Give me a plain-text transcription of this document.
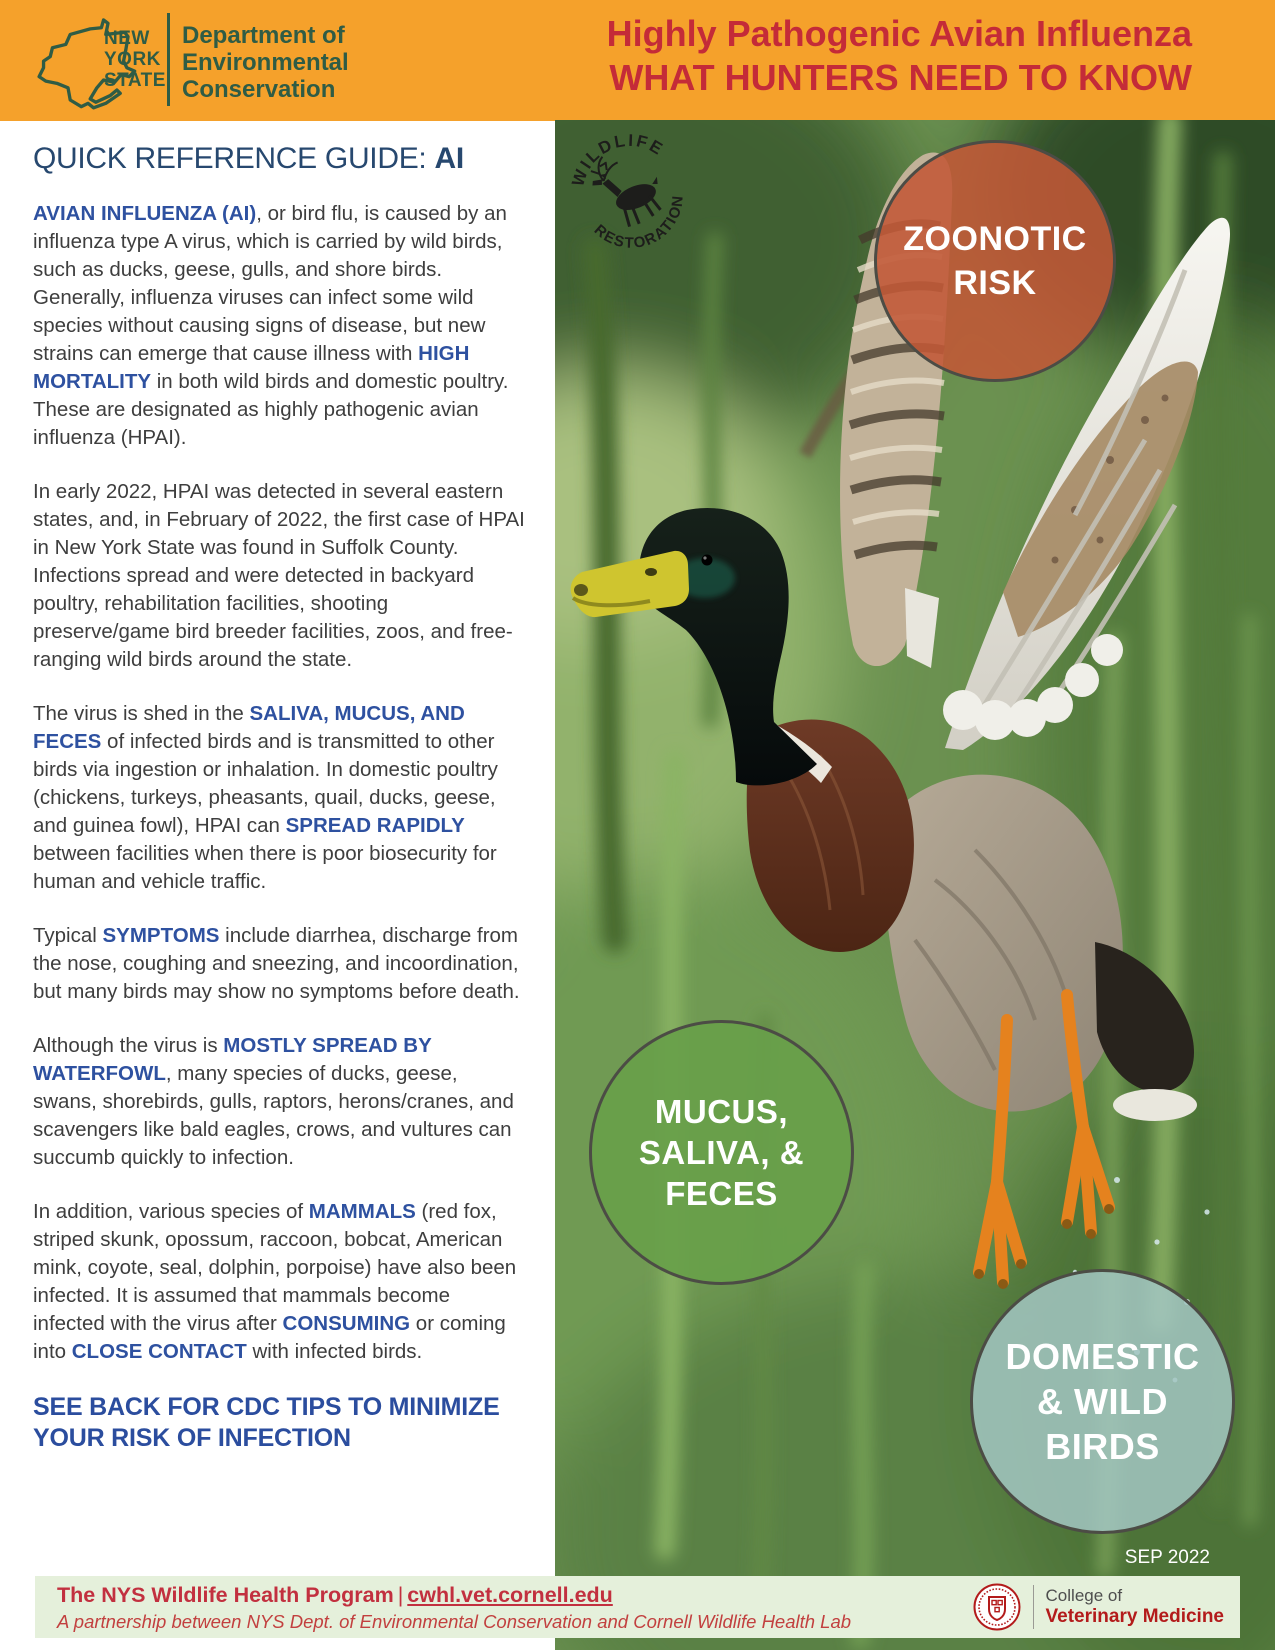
NEW
YORK
STATE
Department of
Environmental
Conservation
Highly Pathogenic Avian Influenza
WHAT HUNTERS NEED TO KNOW
QUICK REFERENCE GUIDE: AI

AVIAN INFLUENZA (AI), or bird flu, is caused by an influenza type A virus, which is carried by wild birds, such as ducks, geese, gulls, and shore birds. Generally, influenza viruses can infect some wild species without causing signs of disease, but new strains can emerge that cause illness with HIGH MORTALITY in both wild birds and domestic poultry. These are designated as highly pathogenic avian influenza (HPAI).

In early 2022, HPAI was detected in several eastern states, and, in February of 2022, the first case of HPAI in New York State was found in Suffolk County. Infections spread and were detected in backyard poultry, rehabilitation facilities, shooting preserve/game bird breeder facilities, zoos, and free-ranging wild birds around the state.

The virus is shed in the SALIVA, MUCUS, AND FECES of infected birds and is transmitted to other birds via ingestion or inhalation. In domestic poultry (chickens, turkeys, pheasants, quail, ducks, geese, and guinea fowl), HPAI can SPREAD RAPIDLY between facilities when there is poor biosecurity for human and vehicle traffic.

Typical SYMPTOMS include diarrhea, discharge from the nose, coughing and sneezing, and incoordination, but many birds may show no symptoms before death.

Although the virus is MOSTLY SPREAD BY WATERFOWL, many species of ducks, geese, swans, shorebirds, gulls, raptors, herons/cranes, and scavengers like bald eagles, crows, and vultures can succumb quickly to infection.

In addition, various species of MAMMALS (red fox, striped skunk, opossum, raccoon, bobcat, American mink, coyote, seal, dolphin, porpoise) have also been infected. It is assumed that mammals become infected with the virus after CONSUMING or coming into CLOSE CONTACT with infected birds.

SEE BACK FOR CDC TIPS TO MINIMIZE YOUR RISK OF INFECTION
WILDLIFE
RESTORATION
ZOONOTIC
RISK
MUCUS,
SALIVA, &
FECES
DOMESTIC
& WILD
BIRDS
SEP 2022
The NYS Wildlife Health Program | cwhl.vet.cornell.edu
A partnership between NYS Dept. of Environmental Conservation and Cornell Wildlife Health Lab
College of
Veterinary Medicine
